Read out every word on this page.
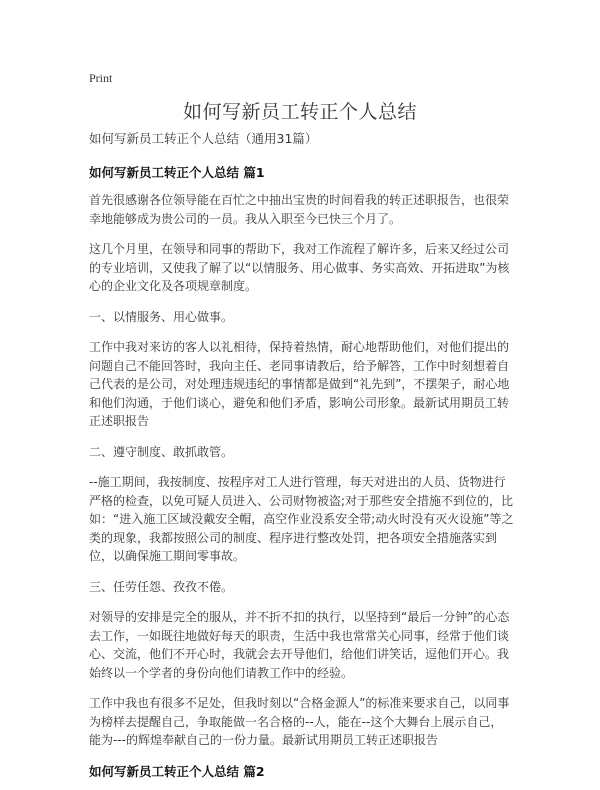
Print
如何写新员工转正个人总结
如何写新员工转正个人总结（通用31篇）
如何写新员工转正个人总结 篇1

首先很感谢各位领导能在百忙之中抽出宝贵的时间看我的转正述职报告，也很荣幸地能够成为贵公司的一员。我从入职至今已快三个月了。

这几个月里，在领导和同事的帮助下，我对工作流程了解许多，后来又经过公司的专业培训，又使我了解了以“以情服务、用心做事、务实高效、开拓进取”为核心的企业文化及各项规章制度。

一、以情服务、用心做事。

工作中我对来访的客人以礼相待，保持着热情，耐心地帮助他们，对他们提出的问题自己不能回答时，我向主任、老同事请教后，给予解答，工作中时刻想着自己代表的是公司，对处理违规违纪的事情都是做到“礼先到”，不摆架子，耐心地和他们沟通，于他们谈心，避免和他们矛盾，影响公司形象。最新试用期员工转正述职报告

二、遵守制度、敢抓敢管。

--施工期间，我按制度、按程序对工人进行管理，每天对进出的人员、货物进行严格的检查，以免可疑人员进入、公司财物被盗;对于那些安全措施不到位的，比如：“进入施工区域没戴安全帽，高空作业没系安全带;动火时没有灭火设施”等之类的现象，我都按照公司的制度、程序进行整改处罚，把各项安全措施落实到位，以确保施工期间零事故。

三、任劳任怨、孜孜不倦。

对领导的安排是完全的服从，并不折不扣的执行，以坚持到“最后一分钟”的心态去工作，一如既往地做好每天的职责，生活中我也常常关心同事，经常于他们谈心、交流，他们不开心时，我就会去开导他们，给他们讲笑话，逗他们开心。我始终以一个学者的身份向他们请教工作中的经验。

工作中我也有很多不足处，但我时刻以“合格金源人”的标准来要求自己，以同事为榜样去提醒自己，争取能做一名合格的--人，能在--这个大舞台上展示自己，能为---的辉煌奉献自己的一份力量。最新试用期员工转正述职报告

如何写新员工转正个人总结 篇2
